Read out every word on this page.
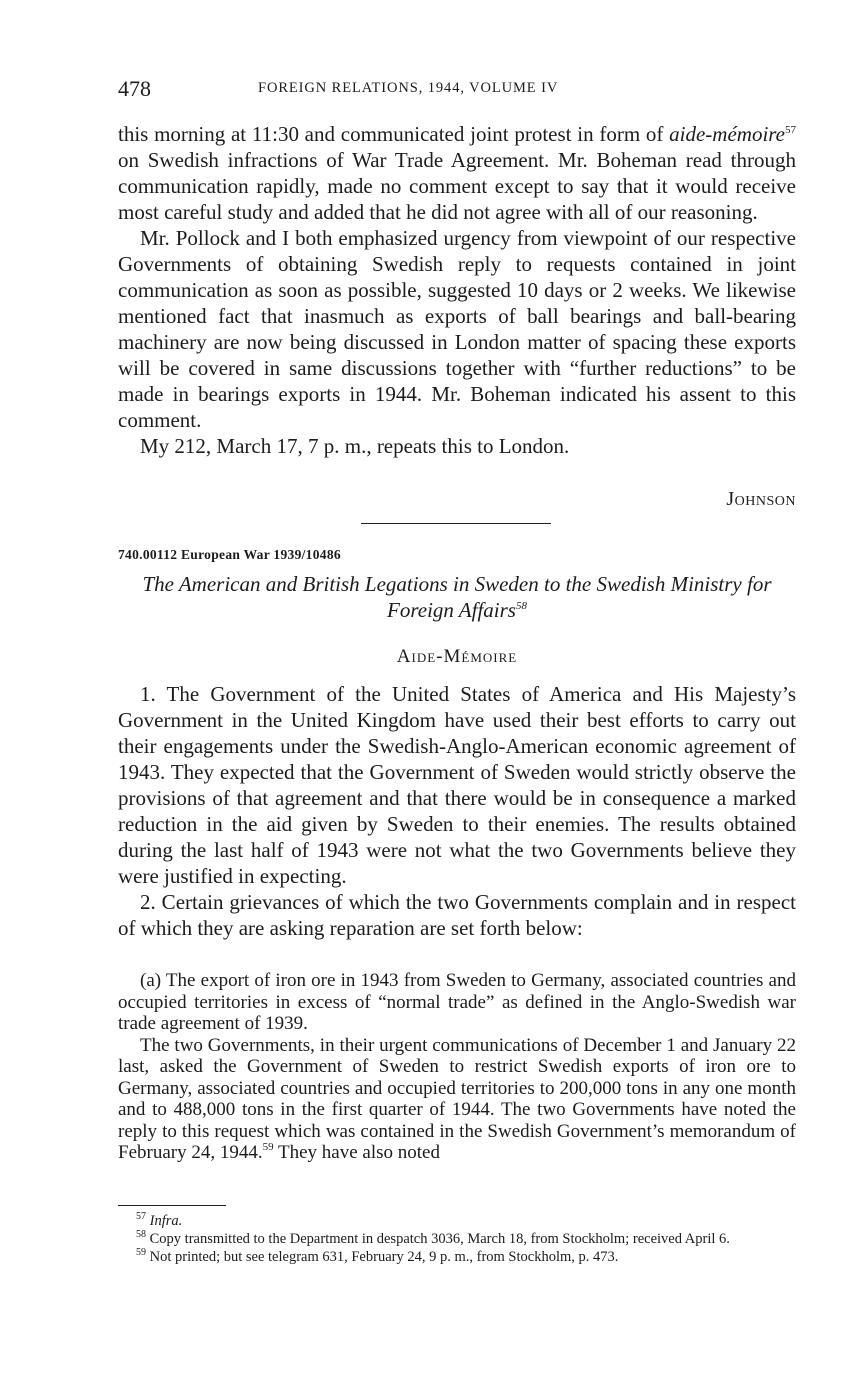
478	FOREIGN RELATIONS, 1944, VOLUME IV

this morning at 11:30 and communicated joint protest in form of aide-mémoire$^{57}$ on Swedish infractions of War Trade Agreement. Mr. Boheman read through communication rapidly, made no comment except to say that it would receive most careful study and added that he did not agree with all of our reasoning.

Mr. Pollock and I both emphasized urgency from viewpoint of our respective Governments of obtaining Swedish reply to requests contained in joint communication as soon as possible, suggested 10 days or 2 weeks. We likewise mentioned fact that inasmuch as exports of ball bearings and ball-bearing machinery are now being discussed in London matter of spacing these exports will be covered in same discussions together with “further reductions” to be made in bearings exports in 1944. Mr. Boheman indicated his assent to this comment.

My 212, March 17, 7 p. m., repeats this to London.

Johnson
740.00112 European War 1939/10486
The American and British Legations in Sweden to the Swedish Ministry for Foreign Affairs$^{58}$
Aide-Mémoire

1. The Government of the United States of America and His Majesty’s Government in the United Kingdom have used their best efforts to carry out their engagements under the Swedish-Anglo-American economic agreement of 1943. They expected that the Government of Sweden would strictly observe the provisions of that agreement and that there would be in consequence a marked reduction in the aid given by Sweden to their enemies. The results obtained during the last half of 1943 were not what the two Governments believe they were justified in expecting.

2. Certain grievances of which the two Governments complain and in respect of which they are asking reparation are set forth below:

(a) The export of iron ore in 1943 from Sweden to Germany, associated countries and occupied territories in excess of “normal trade” as defined in the Anglo-Swedish war trade agreement of 1939.

The two Governments, in their urgent communications of December 1 and January 22 last, asked the Government of Sweden to restrict Swedish exports of iron ore to Germany, associated countries and occupied territories to 200,000 tons in any one month and to 488,000 tons in the first quarter of 1944. The two Governments have noted the reply to this request which was contained in the Swedish Government’s memorandum of February 24, 1944.59 They have also noted

$^{57}$ Infra.

$^{58}$ Copy transmitted to the Department in despatch 3036, March 18, from Stockholm; received April 6.

$^{59}$ Not printed; but see telegram 631, February 24, 9 p. m., from Stockholm, p. 473.
